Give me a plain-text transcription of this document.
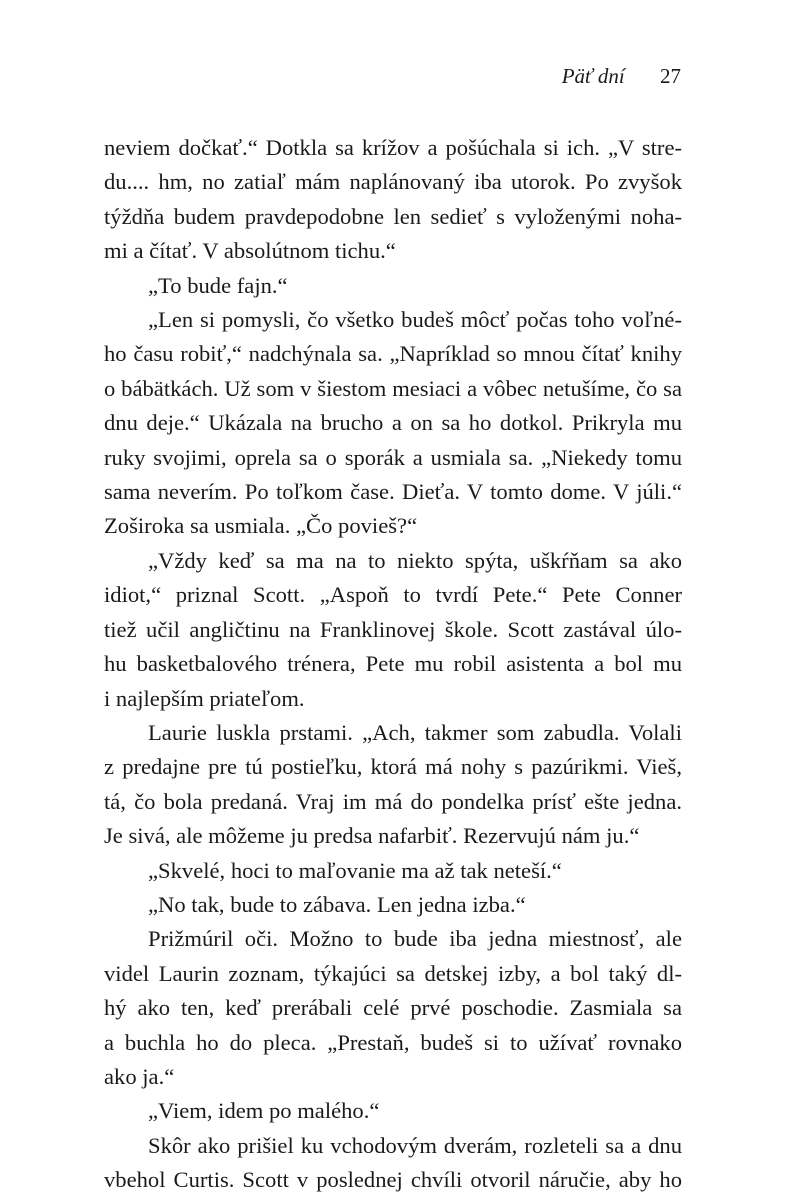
Päť dní 27

neviem dočkať.“ Dotkla sa krížov a pošúchala si ich. „V stre-

du.... hm, no zatiaľ mám naplánovaný iba utorok. Po zvyšok

týždňa budem pravdepodobne len sedieť s vyloženými noha-

mi a čítať. V absolútnom tichu.“

„To bude fajn.“

„Len si pomysli, čo všetko budeš môcť počas toho voľné-

ho času robiť,“ nadchýnala sa. „Napríklad so mnou čítať knihy

o bábätkách. Už som v šiestom mesiaci a vôbec netušíme, čo sa

dnu deje.“ Ukázala na brucho a on sa ho dotkol. Prikryla mu

ruky svojimi, oprela sa o sporák a usmiala sa. „Niekedy tomu

sama neverím. Po toľkom čase. Dieťa. V tomto dome. V júli.“

Zoširoka sa usmiala. „Čo povieš?“

„Vždy keď sa ma na to niekto spýta, uškŕňam sa ako

idiot,“ priznal Scott. „Aspoň to tvrdí Pete.“ Pete Conner

tiež učil angličtinu na Franklinovej škole. Scott zastával úlo-

hu basketbalového trénera, Pete mu robil asistenta a bol mu

i najlepším priateľom.

Laurie luskla prstami. „Ach, takmer som zabudla. Volali

z predajne pre tú postieľku, ktorá má nohy s pazúrikmi. Vieš,

tá, čo bola predaná. Vraj im má do pondelka prísť ešte jedna.

Je sivá, ale môžeme ju predsa nafarbiť. Rezervujú nám ju.“

„Skvelé, hoci to maľovanie ma až tak neteší.“

„No tak, bude to zábava. Len jedna izba.“

Prižmúril oči. Možno to bude iba jedna miestnosť, ale

videl Laurin zoznam, týkajúci sa detskej izby, a bol taký dl-

hý ako ten, keď prerábali celé prvé poschodie. Zasmiala sa

a buchla ho do pleca. „Prestaň, budeš si to užívať rovnako

ako ja.“

„Viem, idem po malého.“

Skôr ako prišiel ku vchodovým dverám, rozleteli sa a dnu

vbehol Curtis. Scott v poslednej chvíli otvoril náručie, aby ho
